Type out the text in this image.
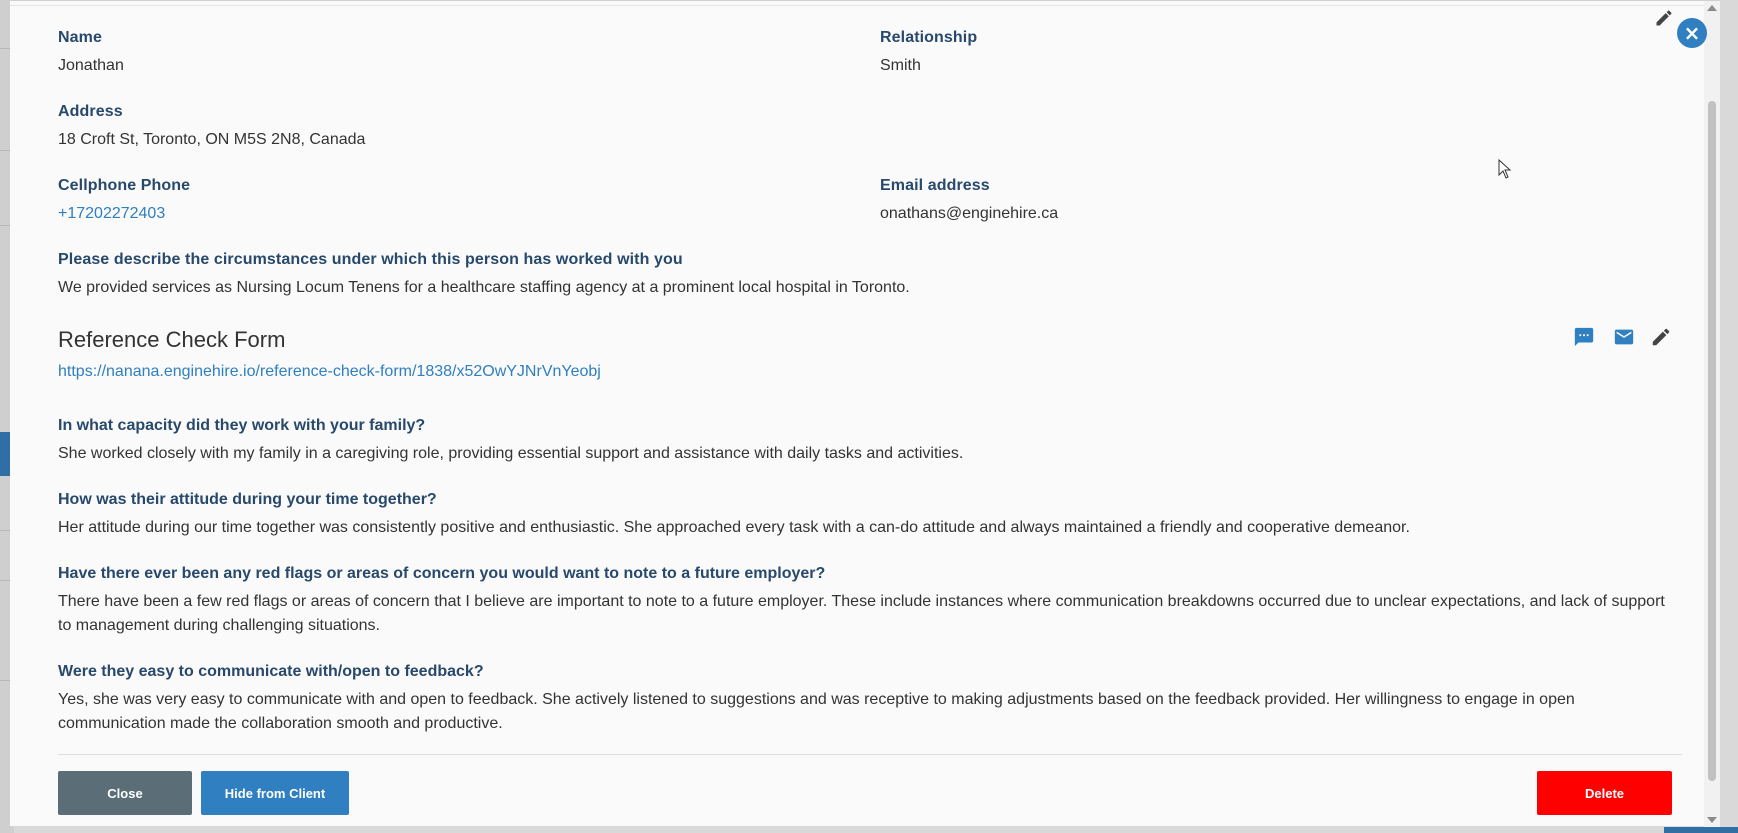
Name
Jonathan
Relationship
Smith
Address
18 Croft St, Toronto, ON M5S 2N8, Canada
Cellphone Phone
+17202272403
Email address
onathans@enginehire.ca
Please describe the circumstances under which this person has worked with you
We provided services as Nursing Locum Tenens for a healthcare staffing agency at a prominent local hospital in Toronto.
Reference Check Form
https://nanana.enginehire.io/reference-check-form/1838/x52OwYJNrVnYeobj
In what capacity did they work with your family?
She worked closely with my family in a caregiving role, providing essential support and assistance with daily tasks and activities.
How was their attitude during your time together?
Her attitude during our time together was consistently positive and enthusiastic. She approached every task with a can-do attitude and always maintained a friendly and cooperative demeanor.
Have there ever been any red flags or areas of concern you would want to note to a future employer?
There have been a few red flags or areas of concern that I believe are important to note to a future employer. These include instances where communication breakdowns occurred due to unclear expectations, and lack of support to management during challenging situations.
Were they easy to communicate with/open to feedback?
Yes, she was very easy to communicate with and open to feedback. She actively listened to suggestions and was receptive to making adjustments based on the feedback provided. Her willingness to engage in open communication made the collaboration smooth and productive.
Close	Hide from Client	Delete
×
